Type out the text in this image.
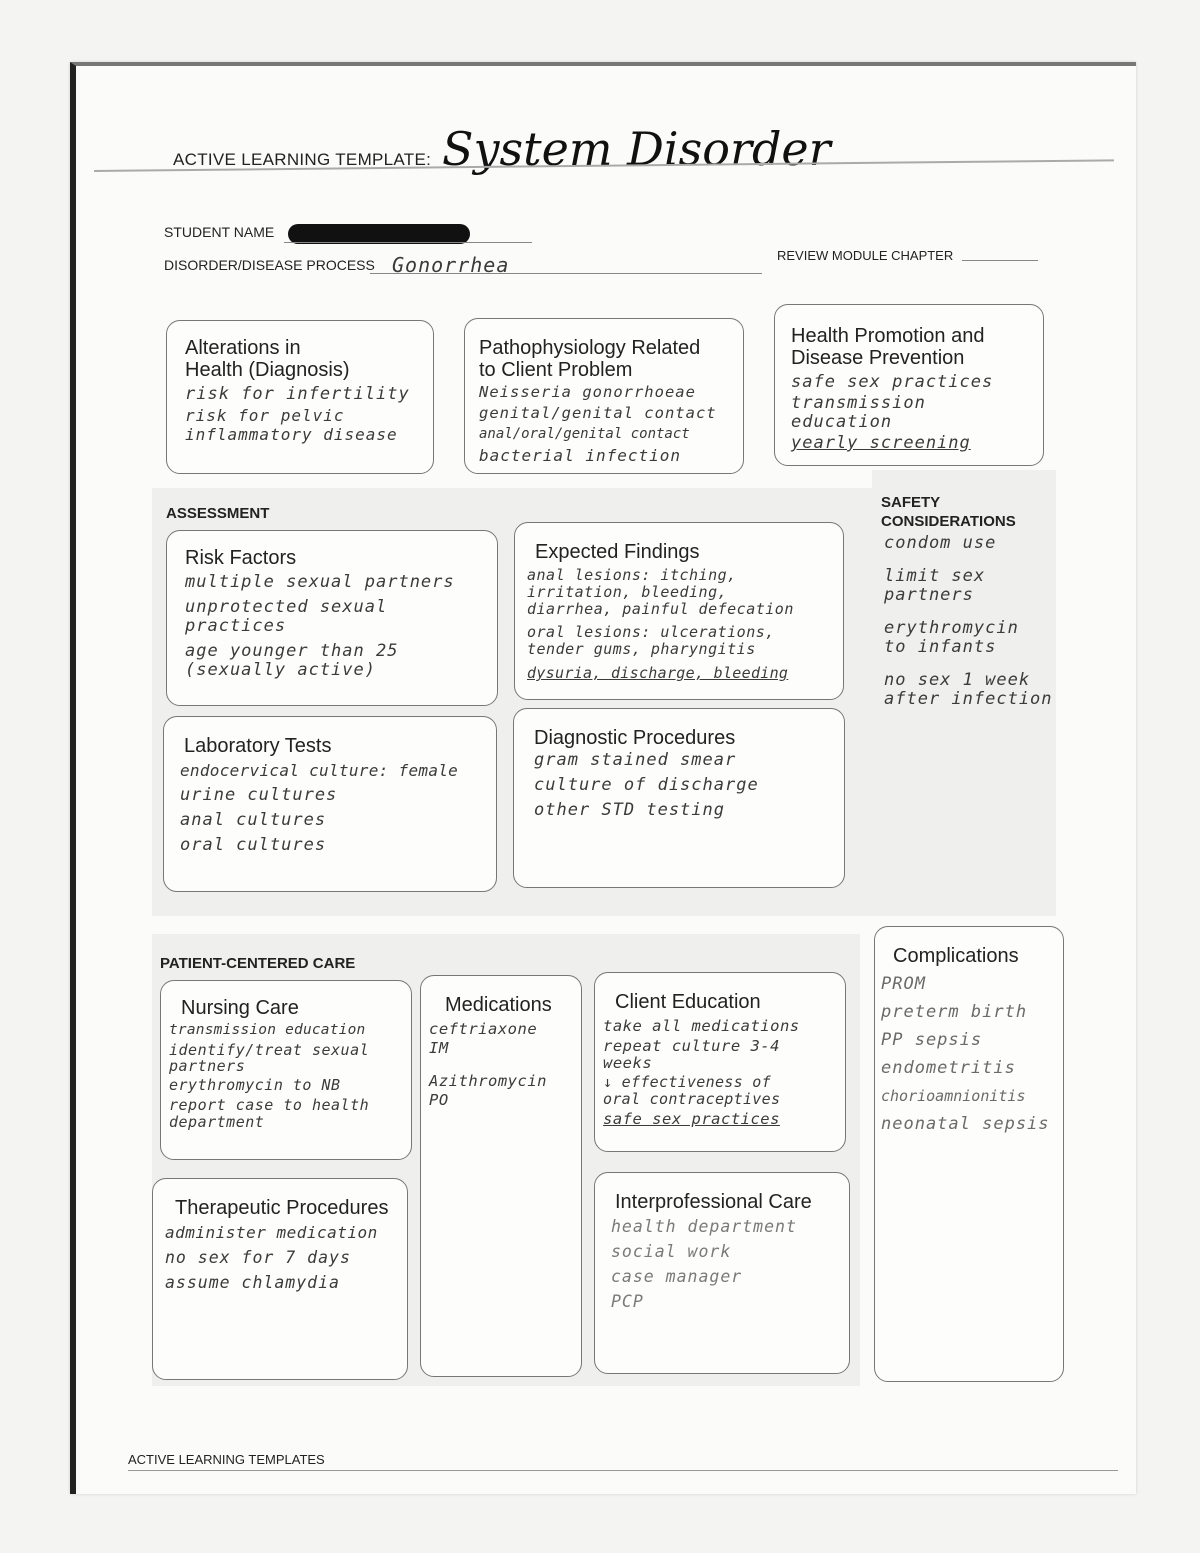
ACTIVE LEARNING TEMPLATE: System Disorder
STUDENT NAME
DISORDER/DISEASE PROCESS Gonorrhea	REVIEW MODULE CHAPTER
Alterations in
Health (Diagnosis)
risk for infertility
risk for pelvic
inflammatory disease
Pathophysiology Related
to Client Problem
Neisseria gonorrhoeae
genital/genital contact
anal/oral/genital contact
bacterial infection
Health Promotion and
Disease Prevention
safe sex practices
transmission
education
yearly screening
ASSESSMENT
Risk Factors
multiple sexual partners
unprotected sexual
practices
age younger than 25
(sexually active)
Expected Findings
anal lesions: itching,
irritation, bleeding,
diarrhea, painful defecation
oral lesions: ulcerations,
tender gums, pharyngitis
dysuria, discharge, bleeding
Laboratory Tests
endocervical culture: female
urine cultures
anal cultures
oral cultures
Diagnostic Procedures
gram stained smear
culture of discharge
other STD testing
SAFETY
CONSIDERATIONS
condom use
limit sex
partners
erythromycin
to infants
no sex 1 week
after infection
PATIENT-CENTERED CARE
Nursing Care
transmission education
identify/treat sexual
partners
erythromycin to NB
report case to health
department
Medications
ceftriaxone
IM
Azithromycin
PO
Client Education
take all medications
repeat culture 3-4
weeks
↓ effectiveness of
oral contraceptives
safe sex practices
Therapeutic Procedures
administer medication
no sex for 7 days
assume chlamydia
Interprofessional Care
health department
social work
case manager
PCP
Complications
PROM
preterm birth
PP sepsis
endometritis
chorioamnionitis
neonatal sepsis
ACTIVE LEARNING TEMPLATES
